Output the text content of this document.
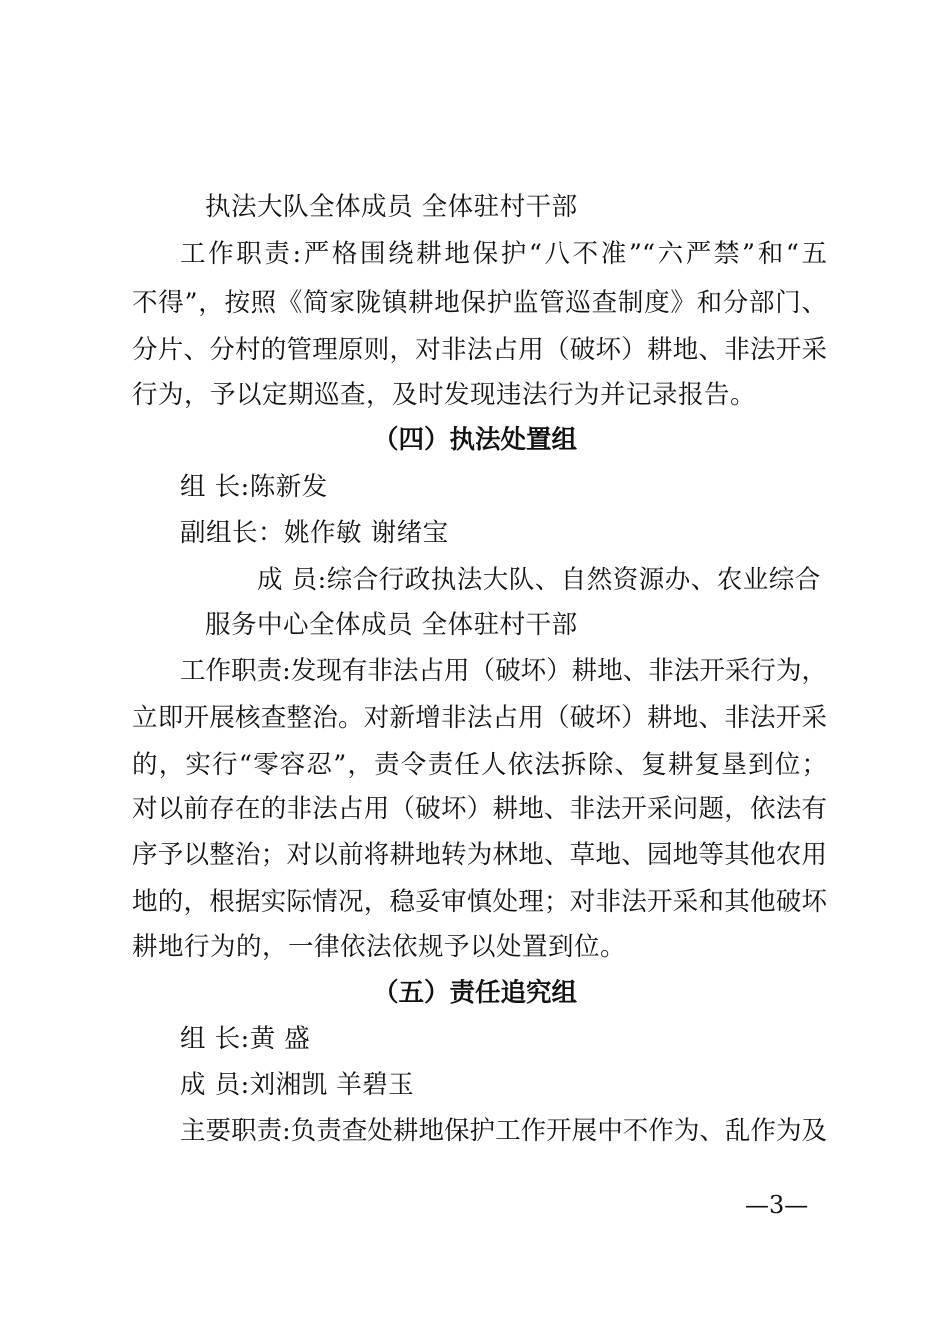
执法大队全体成员 全体驻村干部
工作职责:严格围绕耕地保护“八不准”“六严禁”和“五
不得”，按照《简家陇镇耕地保护监管巡查制度》和分部门、
分片、分村的管理原则，对非法占用（破坏）耕地、非法开采
行为，予以定期巡查，及时发现违法行为并记录报告。
（四）执法处置组
组 长:陈新发
副组长：姚作敏 谢绪宝
成 员:综合行政执法大队、自然资源办、农业综合
服务中心全体成员 全体驻村干部
工作职责:发现有非法占用（破坏）耕地、非法开采行为，
立即开展核查整治。对新增非法占用（破坏）耕地、非法开采
的，实行“零容忍”，责令责任人依法拆除、复耕复垦到位；
对以前存在的非法占用（破坏）耕地、非法开采问题，依法有
序予以整治；对以前将耕地转为林地、草地、园地等其他农用
地的，根据实际情况，稳妥审慎处理；对非法开采和其他破坏
耕地行为的，一律依法依规予以处置到位。
（五）责任追究组
组 长:黄 盛
成 员:刘湘凯 羊碧玉
主要职责:负责查处耕地保护工作开展中不作为、乱作为及
—3—
